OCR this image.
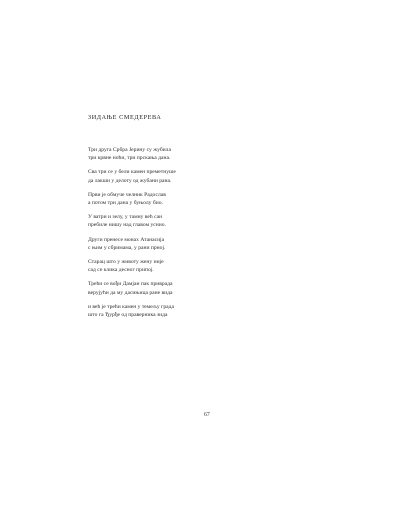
ЗИДАЊЕ СМЕДЕРЕВА
Три друга Србра Јерину су жубила
три крвне ноћи, три прскања дана.
Сва три се у бели камен преметнуше
да лакши у делоту од жубани рана.
Први је обмуче челник Радослав
а потом три дана у буњолу био.
У ватри и зелу, у тамну већ сан
пребиле нишу над главом уснио.
Други пренесе монах Атанасија
с њим у сбримама, у рани прној.
Старац што у животу жену није
сад се клика десног припој.
Трећи се вођи Дамјан пак приврада
верујући да му дасињица ране вида
и већ је трећи камен у темељу града
што га Ђурђе од праверника зида
67
